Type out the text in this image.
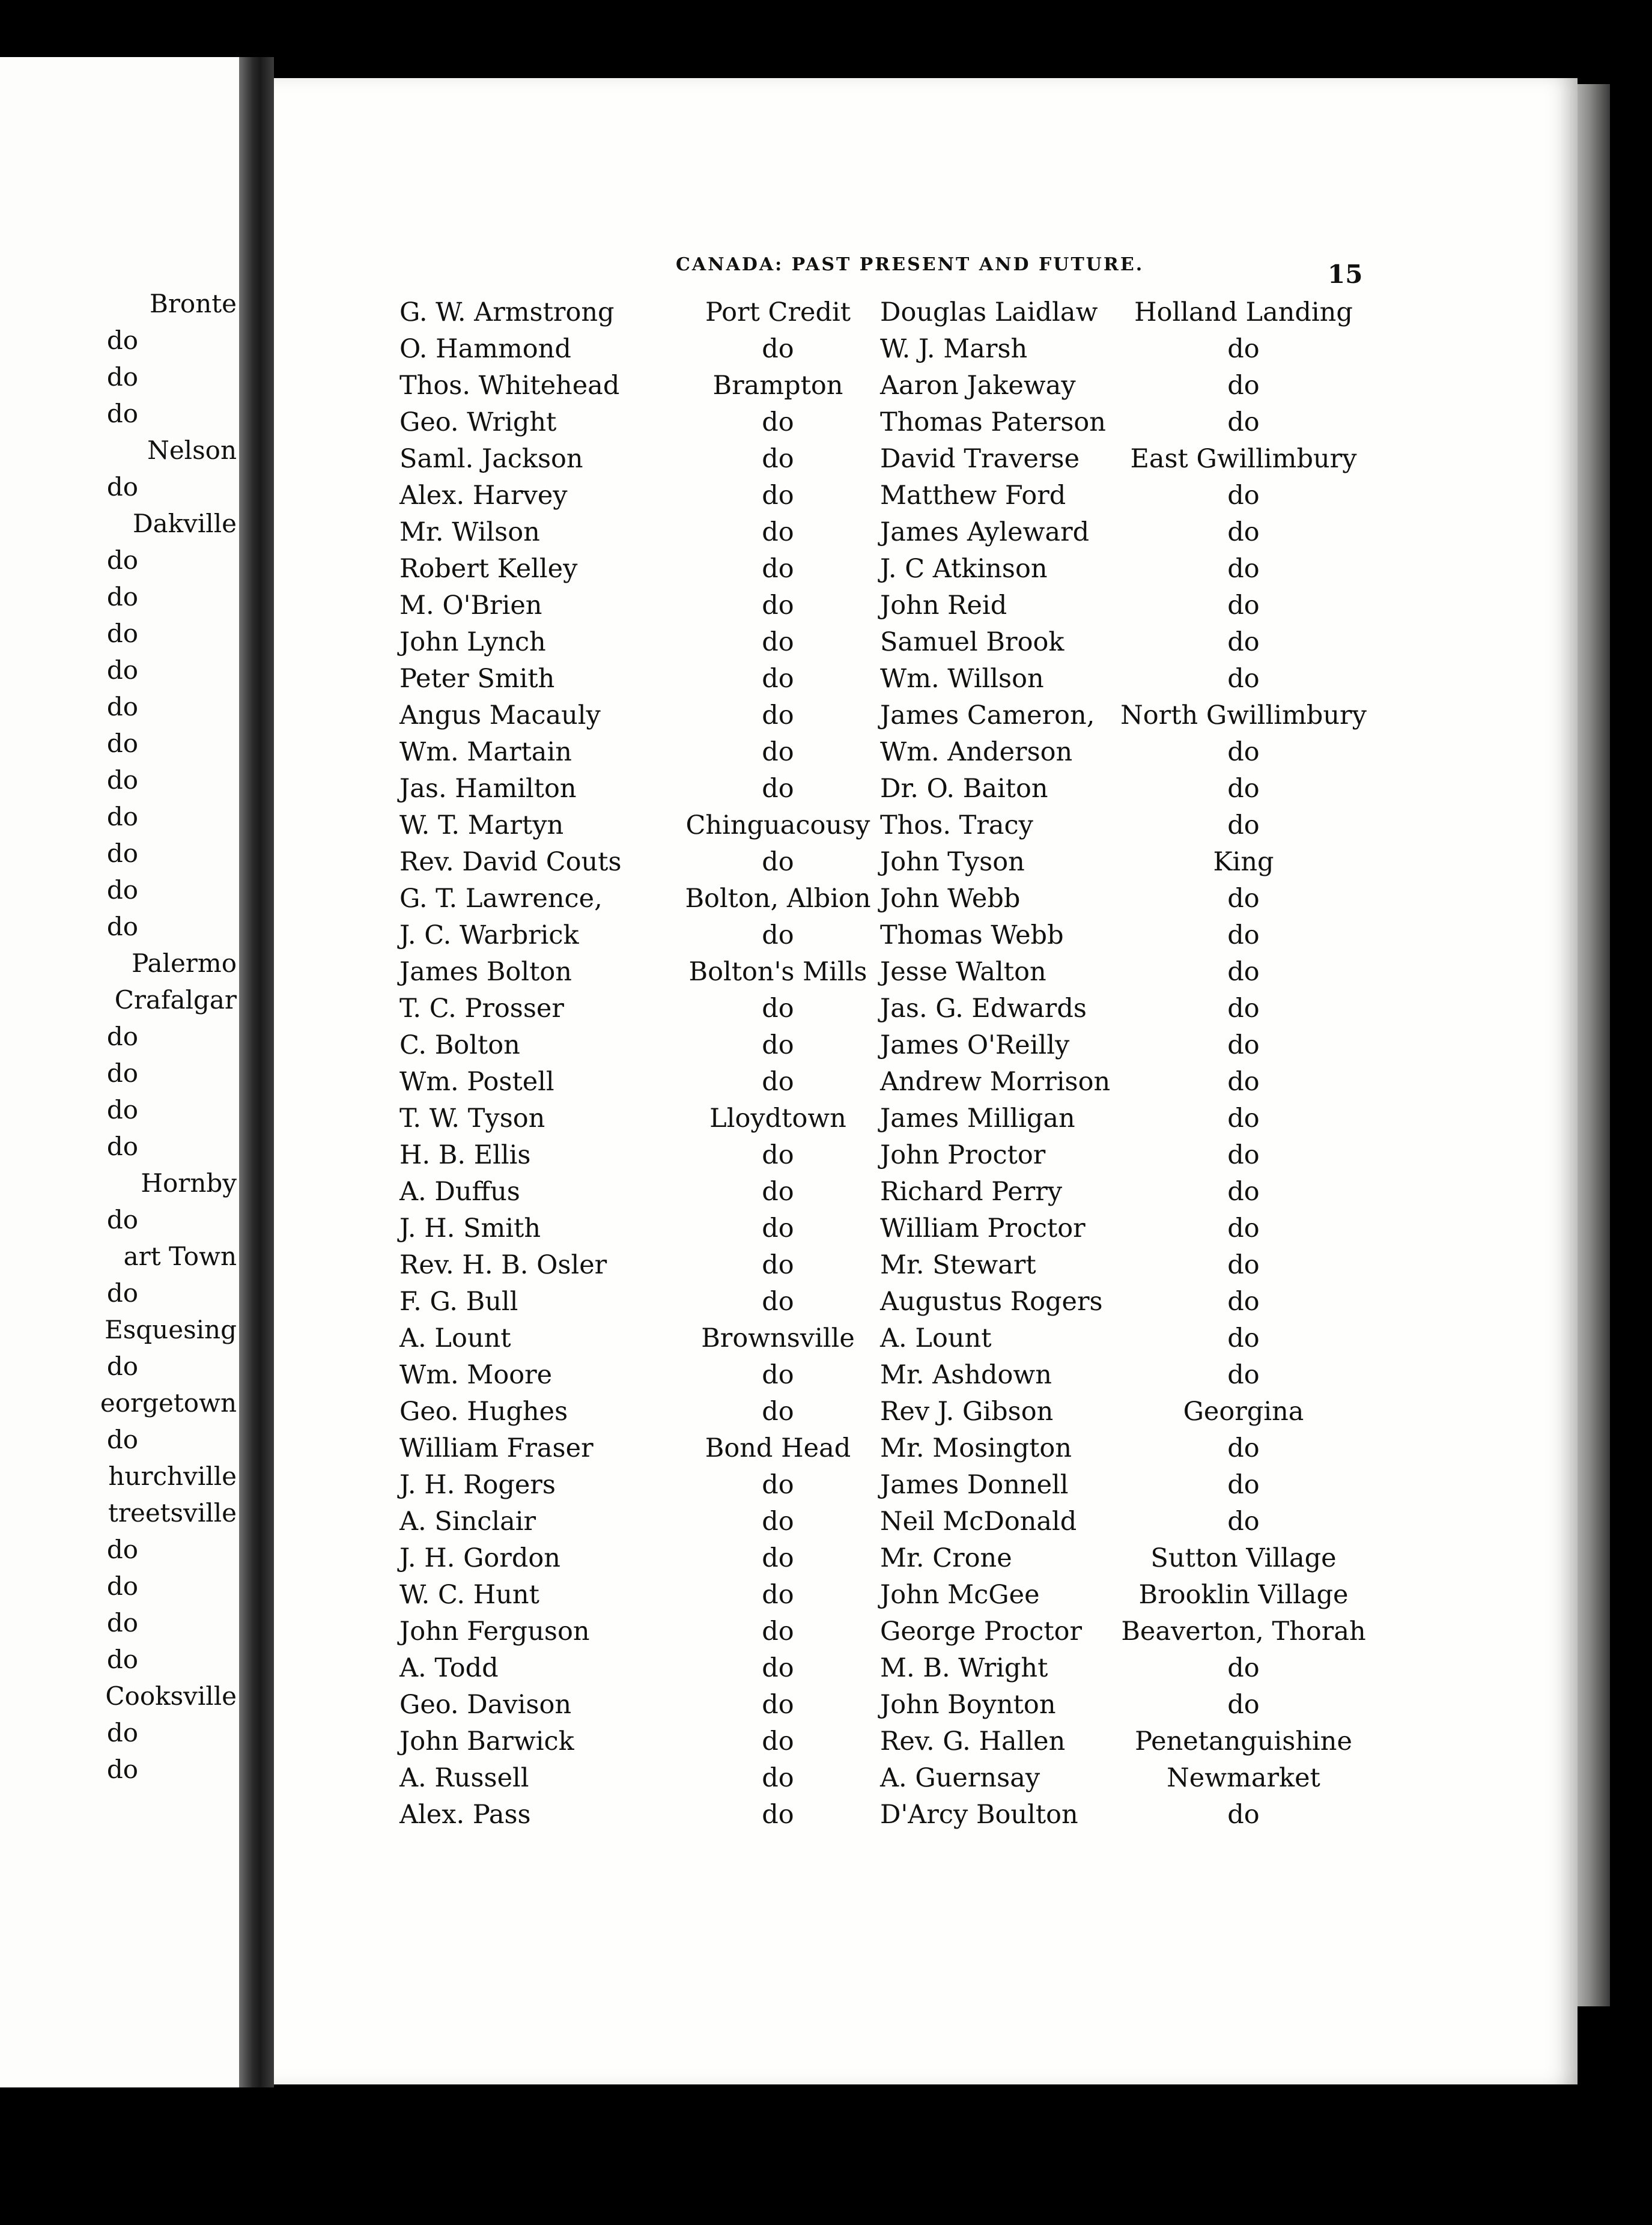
Bronte
do
do
do
Nelson
do
Dakville
do
do
do
do
do
do
do
do
do
do
do
Palermo
Crafalgar
do
do
do
do
Hornby
do
art Town
do
Esquesing
do
eorgetown
do
hurchville
treetsville
do
do
do
do
Cooksville
do
do
CANADA: PAST PRESENT AND FUTURE.	15
G. W. Armstrong
O. Hammond
Thos. Whitehead
Geo. Wright
Saml. Jackson
Alex. Harvey
Mr. Wilson
Robert Kelley
M. O'Brien
John Lynch
Peter Smith
Angus Macauly
Wm. Martain
Jas. Hamilton
W. T. Martyn
Rev. David Couts
G. T. Lawrence,
J. C. Warbrick
James Bolton
T. C. Prosser
C. Bolton
Wm. Postell
T. W. Tyson
H. B. Ellis
A. Duffus
J. H. Smith
Rev. H. B. Osler
F. G. Bull
A. Lount
Wm. Moore
Geo. Hughes
William Fraser
J. H. Rogers
A. Sinclair
J. H. Gordon
W. C. Hunt
John Ferguson
A. Todd
Geo. Davison
John Barwick
A. Russell
Alex. Pass
Port Credit
do
Brampton
do
do
do
do
do
do
do
do
do
do
do
Chinguacousy
do
Bolton, Albion
do
Bolton's Mills
do
do
do
Lloydtown
do
do
do
do
do
Brownsville
do
do
Bond Head
do
do
do
do
do
do
do
do
do
do
Douglas Laidlaw
W. J. Marsh
Aaron Jakeway
Thomas Paterson
David Traverse
Matthew Ford
James Ayleward
J. C Atkinson
John Reid
Samuel Brook
Wm. Willson
James Cameron,
Wm. Anderson
Dr. O. Baiton
Thos. Tracy
John Tyson
John Webb
Thomas Webb
Jesse Walton
Jas. G. Edwards
James O'Reilly
Andrew Morrison
James Milligan
John Proctor
Richard Perry
William Proctor
Mr. Stewart
Augustus Rogers
A. Lount
Mr. Ashdown
Rev J. Gibson
Mr. Mosington
James Donnell
Neil McDonald
Mr. Crone
John McGee
George Proctor
M. B. Wright
John Boynton
Rev. G. Hallen
A. Guernsay
D'Arcy Boulton
Holland Landing
do
do
do
East Gwillimbury
do
do
do
do
do
do
North Gwillimbury
do
do
do
King
do
do
do
do
do
do
do
do
do
do
do
do
do
do
Georgina
do
do
do
Sutton Village
Brooklin Village
Beaverton, Thorah
do
do
Penetanguishine
Newmarket
do
